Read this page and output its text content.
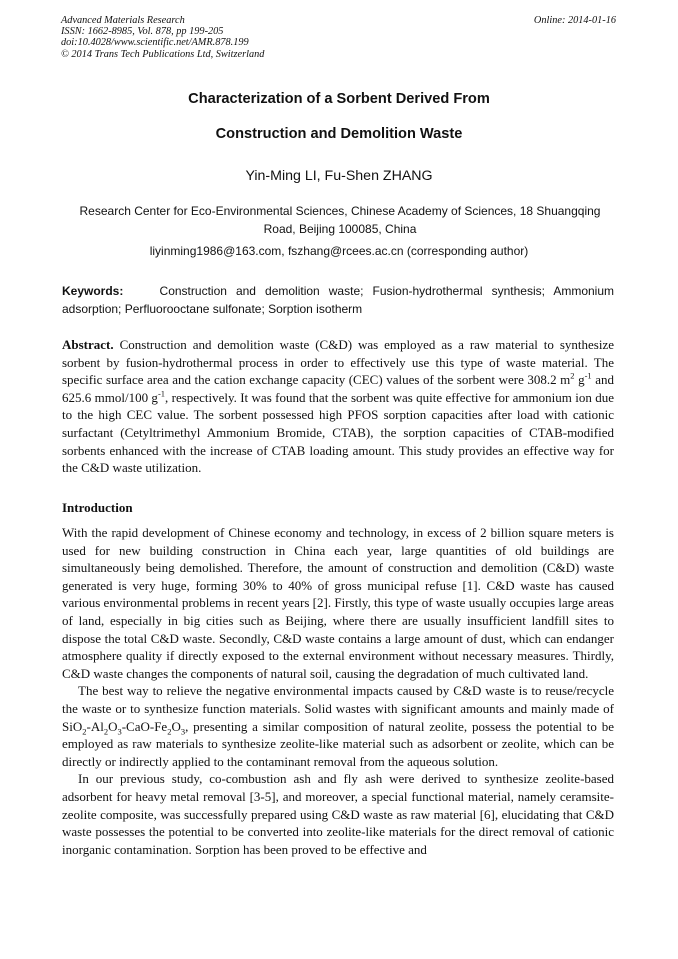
Advanced Materials Research
ISSN: 1662-8985, Vol. 878, pp 199-205
doi:10.4028/www.scientific.net/AMR.878.199
© 2014 Trans Tech Publications Ltd, Switzerland
Online: 2014-01-16
Characterization of a Sorbent Derived From
Construction and Demolition Waste
Yin-Ming LI, Fu-Shen ZHANG
Research Center for Eco-Environmental Sciences, Chinese Academy of Sciences, 18 Shuangqing Road, Beijing 100085, China
liyinming1986@163.com, fszhang@rcees.ac.cn (corresponding author)
Keywords:	Construction and demolition waste; Fusion-hydrothermal synthesis; Ammonium adsorption; Perfluorooctane sulfonate; Sorption isotherm
Abstract. Construction and demolition waste (C&D) was employed as a raw material to synthesize sorbent by fusion-hydrothermal process in order to effectively use this type of waste material. The specific surface area and the cation exchange capacity (CEC) values of the sorbent were 308.2 $m^2$ $g^{-1}$ and 625.6 mmol/100 $g^{-1}$, respectively. It was found that the sorbent was quite effective for ammonium ion due to the high CEC value. The sorbent possessed high PFOS sorption capacities after load with cationic surfactant (Cetyltrimethyl Ammonium Bromide, CTAB), the sorption capacities of CTAB-modified sorbents enhanced with the increase of CTAB loading amount. This study provides an effective way for the C&D waste utilization.
Introduction

With the rapid development of Chinese economy and technology, in excess of 2 billion square meters is used for new building construction in China each year, large quantities of old buildings are simultaneously being demolished. Therefore, the amount of construction and demolition (C&D) waste generated is very huge, forming 30% to 40% of gross municipal refuse [1]. C&D waste has caused various environmental problems in recent years [2]. Firstly, this type of waste usually occupies large areas of land, especially in big cities such as Beijing, where there are usually insufficient landfill sites to dispose the total C&D waste. Secondly, C&D waste contains a large amount of dust, which can endanger atmosphere quality if directly exposed to the external environment without necessary measures. Thirdly, C&D waste changes the components of natural soil, causing the degradation of much cultivated land.

The best way to relieve the negative environmental impacts caused by C&D waste is to reuse/recycle the waste or to synthesize function materials. Solid wastes with significant amounts and mainly made of $SiO_2-Al_2O_3-CaO-Fe_2O_3$, presenting a similar composition of natural zeolite, possess the potential to be employed as raw materials to synthesize zeolite-like material such as adsorbent or zeolite, which can be directly or indirectly applied to the contaminant removal from the aqueous solution.

In our previous study, co-combustion ash and fly ash were derived to synthesize zeolite-based adsorbent for heavy metal removal [3-5], and moreover, a special functional material, namely ceramsite-zeolite composite, was successfully prepared using C&D waste as raw material [6], elucidating that C&D waste possesses the potential to be converted into zeolite-like materials for the direct removal of cationic inorganic contamination. Sorption has been proved to be effective and
